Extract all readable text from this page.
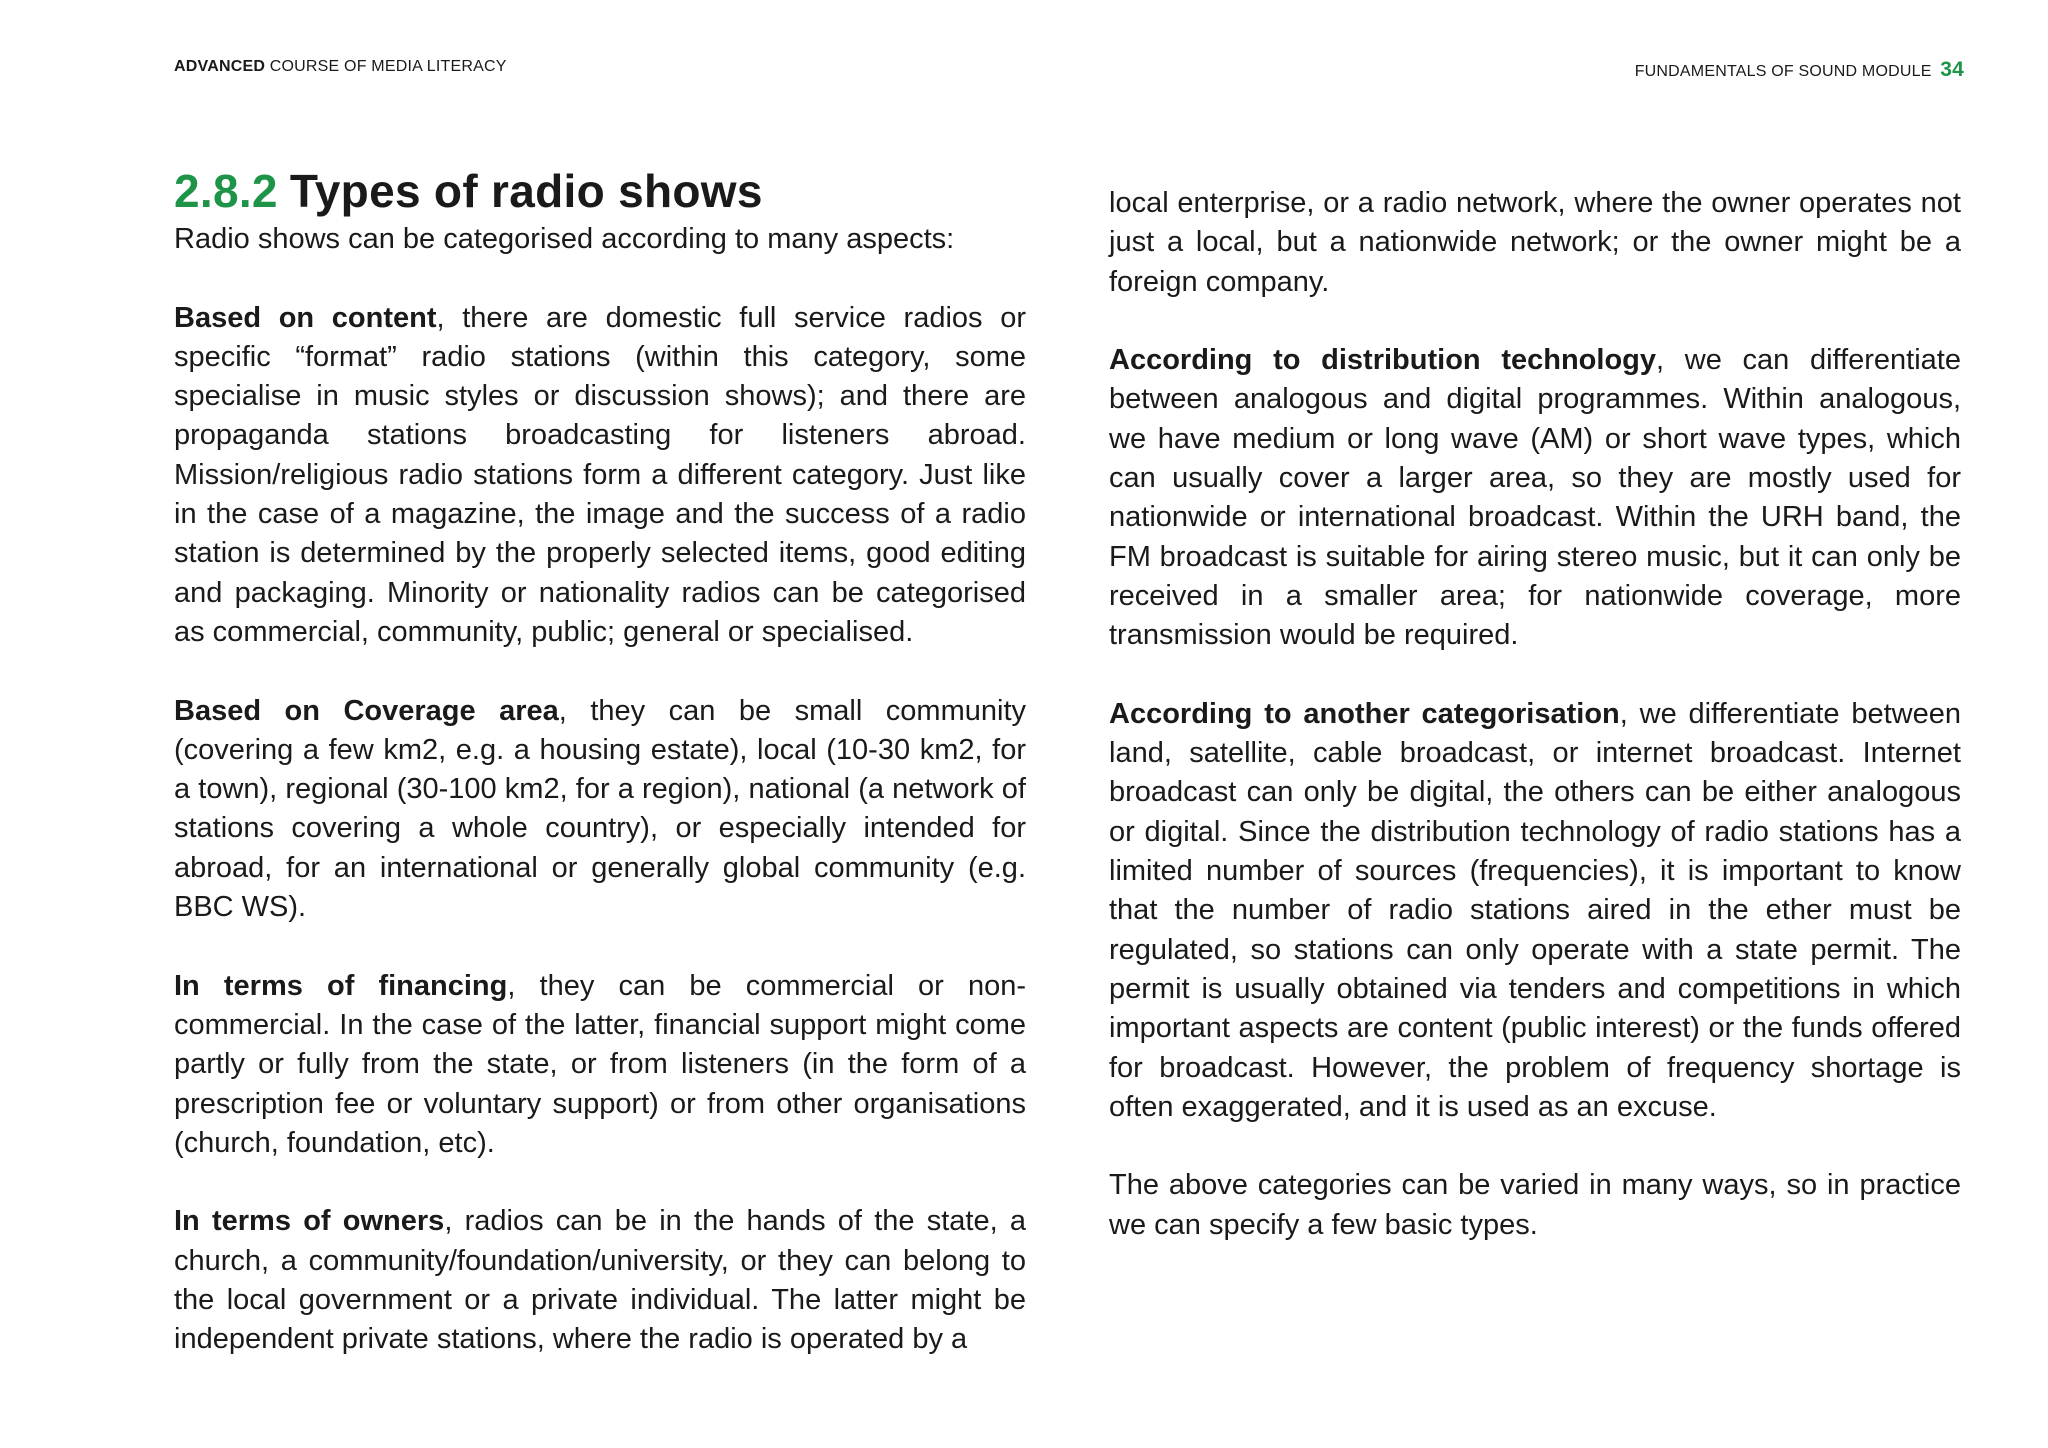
ADVANCED COURSE OF MEDIA LITERACY	FUNDAMENTALS OF SOUND MODULE 34
2.8.2 Types of radio shows

Radio shows can be categorised according to many aspects:

Based on content, there are domestic full service radios or specific “format” radio stations (within this category, some specialise in music styles or discussion shows); and there are propaganda stations broadcasting for listeners abroad. Mission/religious radio stations form a different category. Just like in the case of a magazine, the image and the success of a radio station is determined by the properly selected items, good editing and packaging. Minority or nationality radios can be categorised as commercial, community, public; general or specialised.

Based on Coverage area, they can be small community (covering a few km2, e.g. a housing estate), local (10-30 km2, for a town), regional (30-100 km2, for a region), national (a network of stations covering a whole country), or especially intended for abroad, for an international or generally global community (e.g. BBC WS).

In terms of financing, they can be commercial or non-commercial. In the case of the latter, financial support might come partly or fully from the state, or from listeners (in the form of a prescription fee or voluntary support) or from other organisations (church, foundation, etc).

In terms of owners, radios can be in the hands of the state, a church, a community/foundation/university, or they can belong to the local government or a private individual. The latter might be independent private stations, where the radio is operated by a

local enterprise, or a radio network, where the owner operates not just a local, but a nationwide network; or the owner might be a foreign company.

According to distribution technology, we can differentiate between analogous and digital programmes. Within analogous, we have medium or long wave (AM) or short wave types, which can usually cover a larger area, so they are mostly used for nationwide or international broadcast. Within the URH band, the FM broadcast is suitable for airing stereo music, but it can only be received in a smaller area; for nationwide coverage, more transmission would be required.

According to another categorisation, we differentiate between land, satellite, cable broadcast, or internet broadcast. Internet broadcast can only be digital, the others can be either analogous or digital. Since the distribution technology of radio stations has a limited number of sources (frequencies), it is important to know that the number of radio stations aired in the ether must be regulated, so stations can only operate with a state permit. The permit is usually obtained via tenders and competitions in which important aspects are content (public interest) or the funds offered for broadcast. However, the problem of frequency shortage is often exaggerated, and it is used as an excuse.

The above categories can be varied in many ways, so in practice we can specify a few basic types.
